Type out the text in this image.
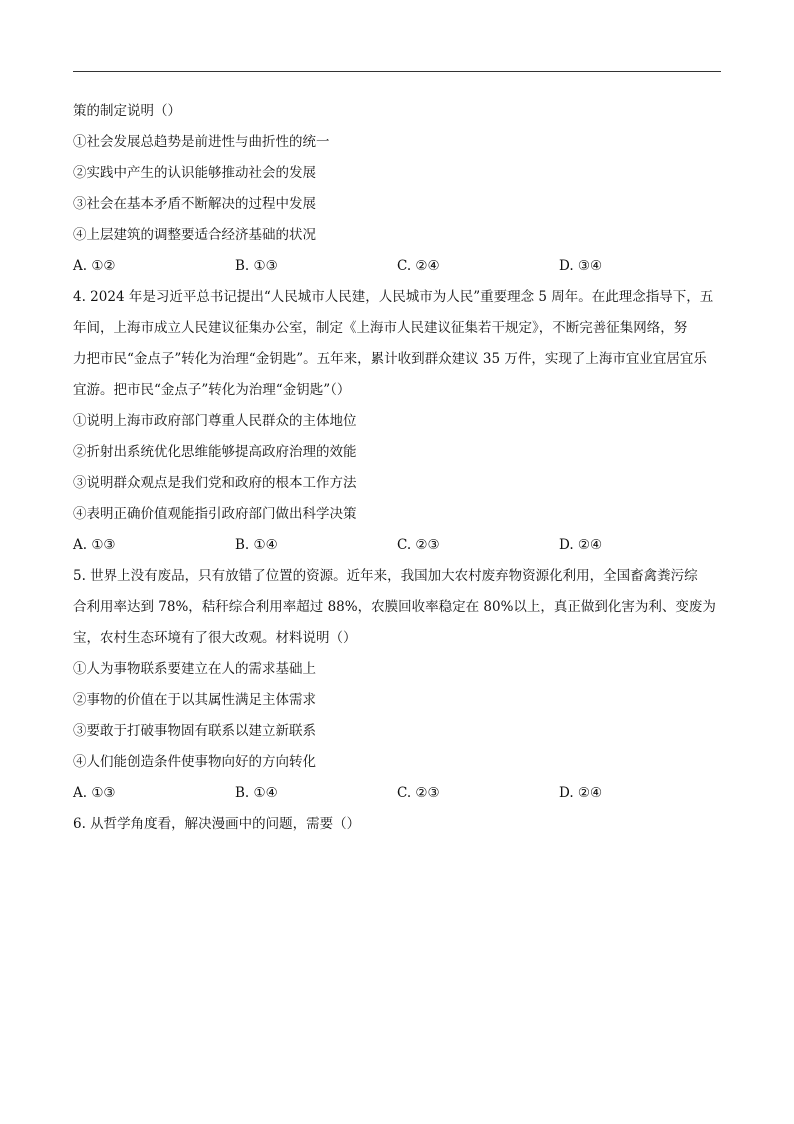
策的制定说明（）
①社会发展总趋势是前进性与曲折性的统一
②实践中产生的认识能够推动社会的发展
③社会在基本矛盾不断解决的过程中发展
④上层建筑的调整要适合经济基础的状况
A. ①②	B. ①③	C. ②④	D. ③④
4. 2024 年是习近平总书记提出“人民城市人民建，人民城市为人民”重要理念 5 周年。在此理念指导下，五
年间，上海市成立人民建议征集办公室，制定《上海市人民建议征集若干规定》，不断完善征集网络，努
力把市民“金点子”转化为治理“金钥匙”。五年来，累计收到群众建议 35 万件，实现了上海市宜业宜居宜乐
宜游。把市民“金点子”转化为治理“金钥匙”（）
①说明上海市政府部门尊重人民群众的主体地位
②折射出系统优化思维能够提高政府治理的效能
③说明群众观点是我们党和政府的根本工作方法
④表明正确价值观能指引政府部门做出科学决策
A. ①③	B. ①④	C. ②③	D. ②④
5. 世界上没有废品，只有放错了位置的资源。近年来，我国加大农村废弃物资源化利用，全国畜禽粪污综
合利用率达到 78%，秸秆综合利用率超过 88%，农膜回收率稳定在 80%以上，真正做到化害为利、变废为
宝，农村生态环境有了很大改观。材料说明（）
①人为事物联系要建立在人的需求基础上
②事物的价值在于以其属性满足主体需求
③要敢于打破事物固有联系以建立新联系
④人们能创造条件使事物向好的方向转化
A. ①③	B. ①④	C. ②③	D. ②④
6. 从哲学角度看，解决漫画中的问题，需要（）
